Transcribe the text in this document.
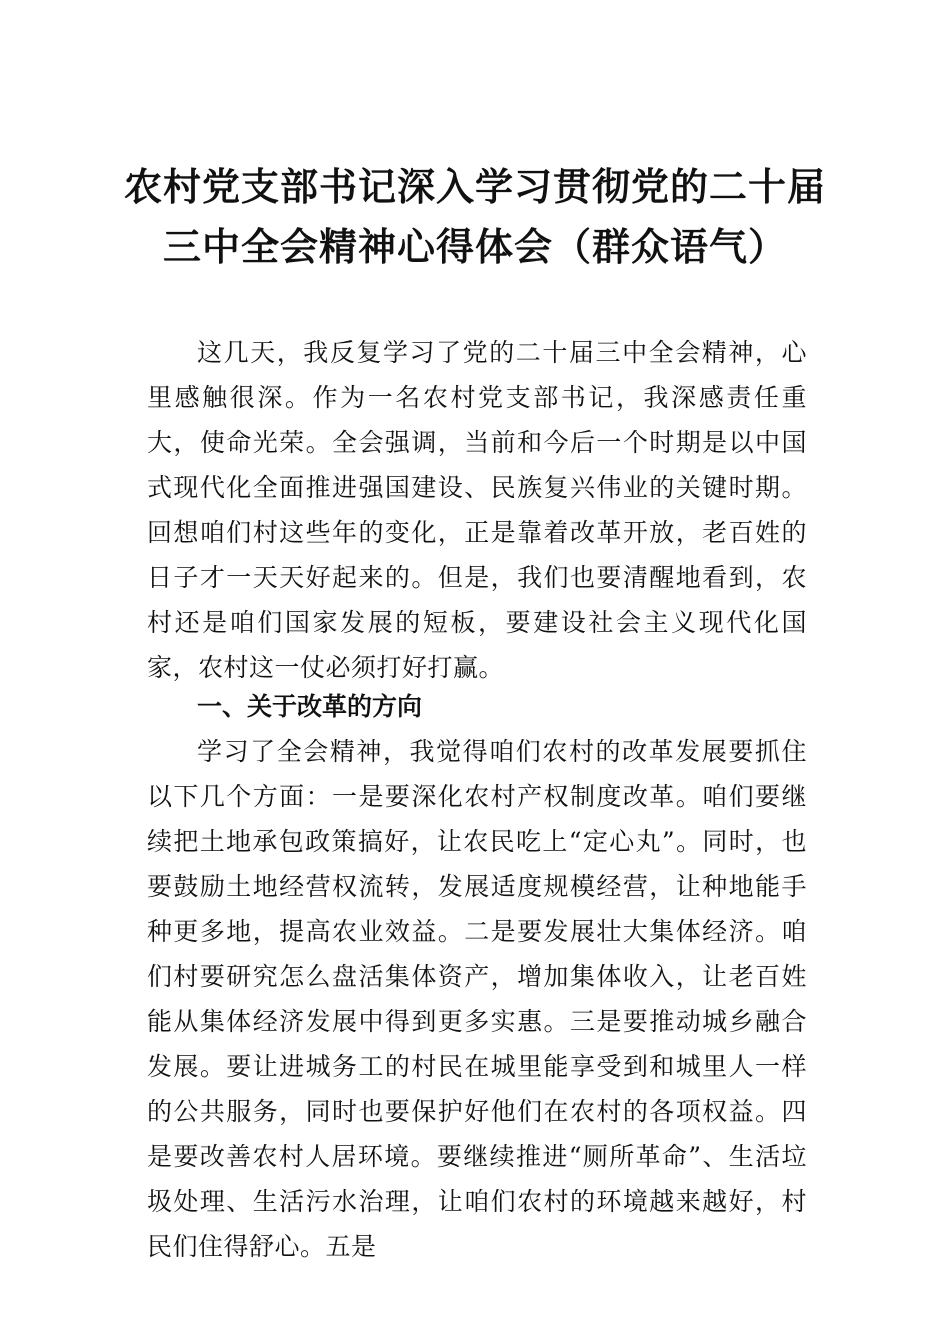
农村党支部书记深入学习贯彻党的二十届
三中全会精神心得体会（群众语气）

这几天，我反复学习了党的二十届三中全会精神，心里感触很深。作为一名农村党支部书记，我深感责任重大，使命光荣。全会强调，当前和今后一个时期是以中国式现代化全面推进强国建设、民族复兴伟业的关键时期。回想咱们村这些年的变化，正是靠着改革开放，老百姓的日子才一天天好起来的。但是，我们也要清醒地看到，农村还是咱们国家发展的短板，要建设社会主义现代化国家，农村这一仗必须打好打赢。

一、关于改革的方向

学习了全会精神，我觉得咱们农村的改革发展要抓住以下几个方面：一是要深化农村产权制度改革。咱们要继续把土地承包政策搞好，让农民吃上“定心丸”。同时，也要鼓励土地经营权流转，发展适度规模经营，让种地能手种更多地，提高农业效益。二是要发展壮大集体经济。咱们村要研究怎么盘活集体资产，增加集体收入，让老百姓能从集体经济发展中得到更多实惠。三是要推动城乡融合发展。要让进城务工的村民在城里能享受到和城里人一样的公共服务，同时也要保护好他们在农村的各项权益。四是要改善农村人居环境。要继续推进“厕所革命”、生活垃圾处理、生活污水治理，让咱们农村的环境越来越好，村民们住得舒心。五是
